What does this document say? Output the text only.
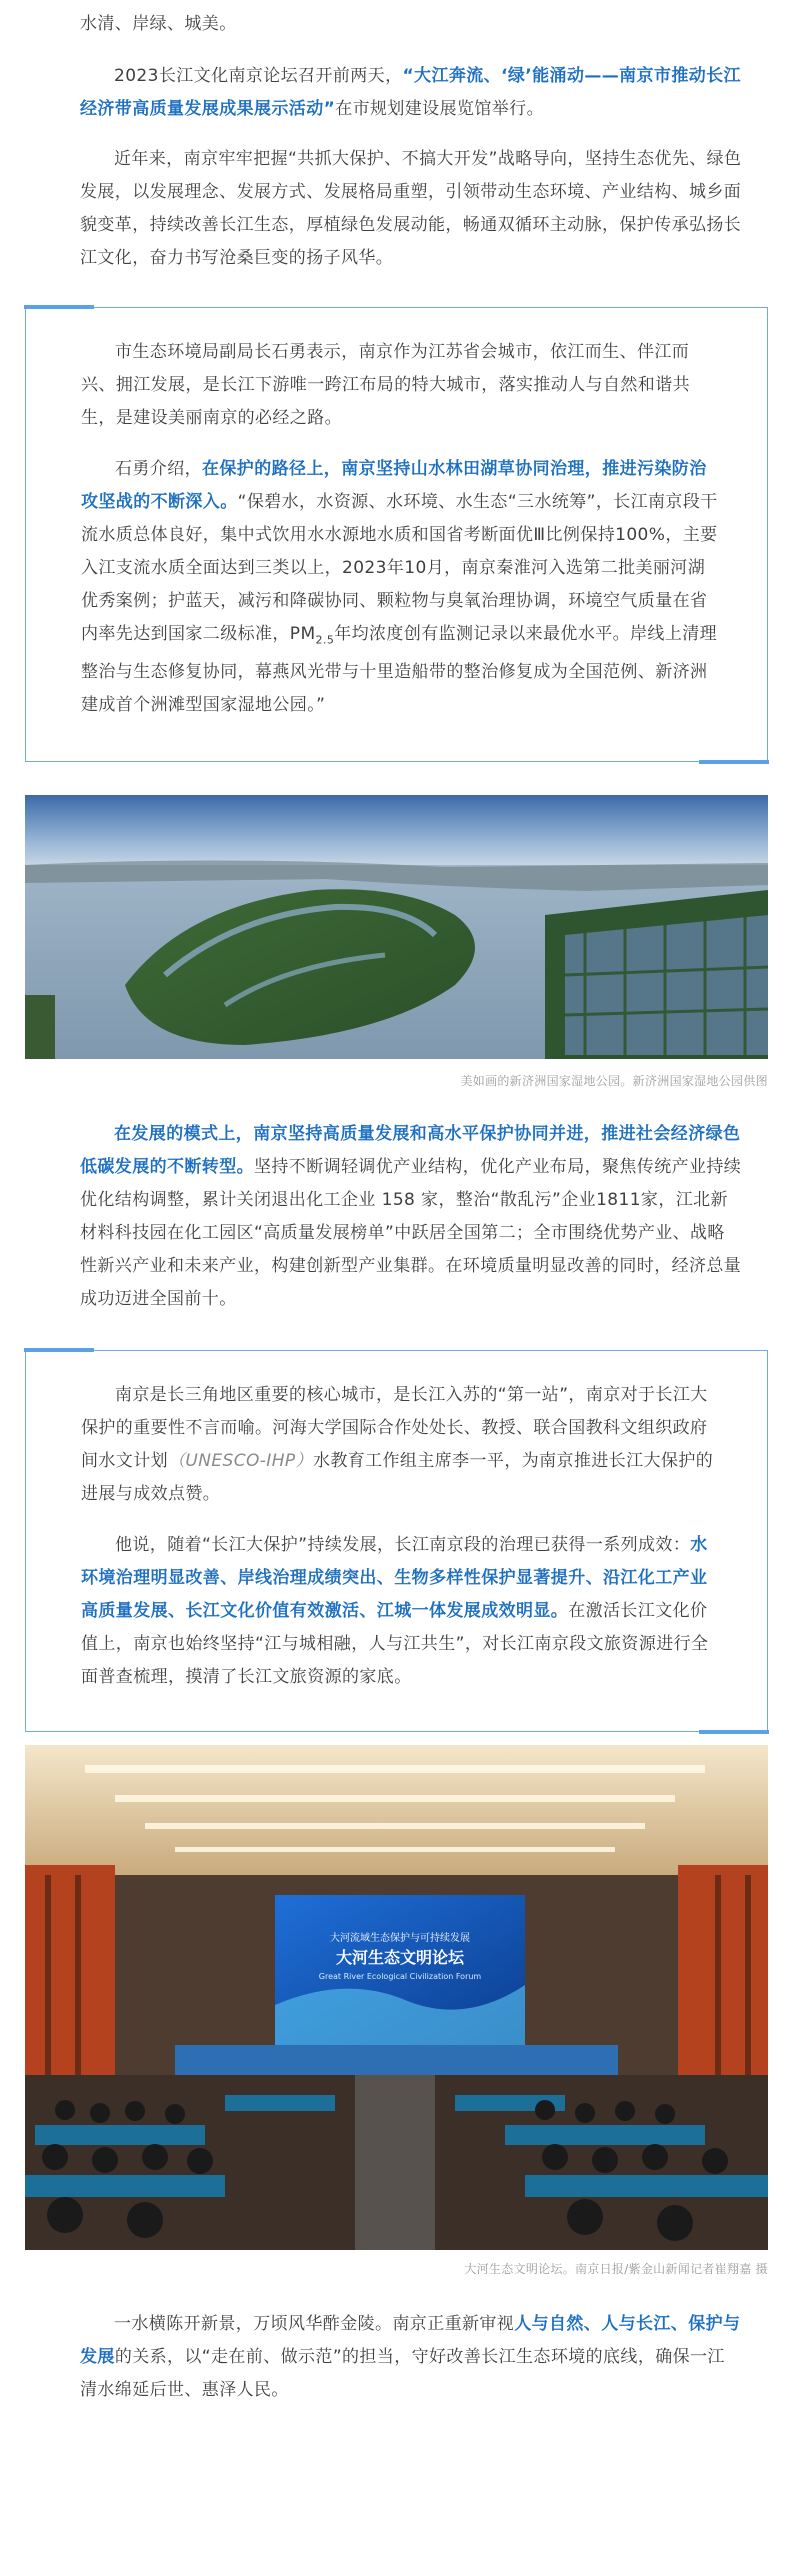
水清、岸绿、城美。

2023长江文化南京论坛召开前两天，“大江奔流、‘绿’能涌动——南京市推动长江经济带高质量发展成果展示活动”在市规划建设展览馆举行。

近年来，南京牢牢把握“共抓大保护、不搞大开发”战略导向，坚持生态优先、绿色发展，以发展理念、发展方式、发展格局重塑，引领带动生态环境、产业结构、城乡面貌变革，持续改善长江生态，厚植绿色发展动能，畅通双循环主动脉，保护传承弘扬长江文化，奋力书写沧桑巨变的扬子风华。

市生态环境局副局长石勇表示，南京作为江苏省会城市，依江而生、伴江而兴、拥江发展，是长江下游唯一跨江布局的特大城市，落实推动人与自然和谐共生，是建设美丽南京的必经之路。

石勇介绍，在保护的路径上，南京坚持山水林田湖草协同治理，推进污染防治攻坚战的不断深入。“保碧水，水资源、水环境、水生态“三水统筹”，长江南京段干流水质总体良好，集中式饮用水水源地水质和国省考断面优Ⅲ比例保持100%，主要入江支流水质全面达到三类以上，2023年10月，南京秦淮河入选第二批美丽河湖优秀案例；护蓝天，减污和降碳协同、颗粒物与臭氧治理协调，环境空气质量在省内率先达到国家二级标准，$PM_{2.5}$年均浓度创有监测记录以来最优水平。岸线上清理整治与生态修复协同，幕燕风光带与十里造船带的整治修复成为全国范例、新济洲建成首个洲滩型国家湿地公园。”

美如画的新济洲国家湿地公园。新济洲国家湿地公园供图

在发展的模式上，南京坚持高质量发展和高水平保护协同并进，推进社会经济绿色低碳发展的不断转型。坚持不断调轻调优产业结构，优化产业布局，聚焦传统产业持续优化结构调整，累计关闭退出化工企业 158 家，整治“散乱污”企业1811家，江北新材料科技园在化工园区“高质量发展榜单”中跃居全国第二；全市围绕优势产业、战略性新兴产业和未来产业，构建创新型产业集群。在环境质量明显改善的同时，经济总量成功迈进全国前十。

南京是长三角地区重要的核心城市，是长江入苏的“第一站”，南京对于长江大保护的重要性不言而喻。河海大学国际合作处处长、教授、联合国教科文组织政府间水文计划（UNESCO-IHP）水教育工作组主席李一平，为南京推进长江大保护的进展与成效点赞。

他说，随着“长江大保护”持续发展，长江南京段的治理已获得一系列成效：水环境治理明显改善、岸线治理成绩突出、生物多样性保护显著提升、沿江化工产业高质量发展、长江文化价值有效激活、江城一体发展成效明显。在激活长江文化价值上，南京也始终坚持“江与城相融，人与江共生”，对长江南京段文旅资源进行全面普查梳理，摸清了长江文旅资源的家底。

大河流域生态保护与可持续发展
大河生态文明论坛
Great River Ecological Civilization Forum
大河生态文明论坛。南京日报/紫金山新闻记者崔翔嘉 摄

一水横陈开新景，万顷风华酢金陵。南京正重新审视人与自然、人与长江、保护与发展的关系，以“走在前、做示范”的担当，守好改善长江生态环境的底线，确保一江清水绵延后世、惠泽人民。
